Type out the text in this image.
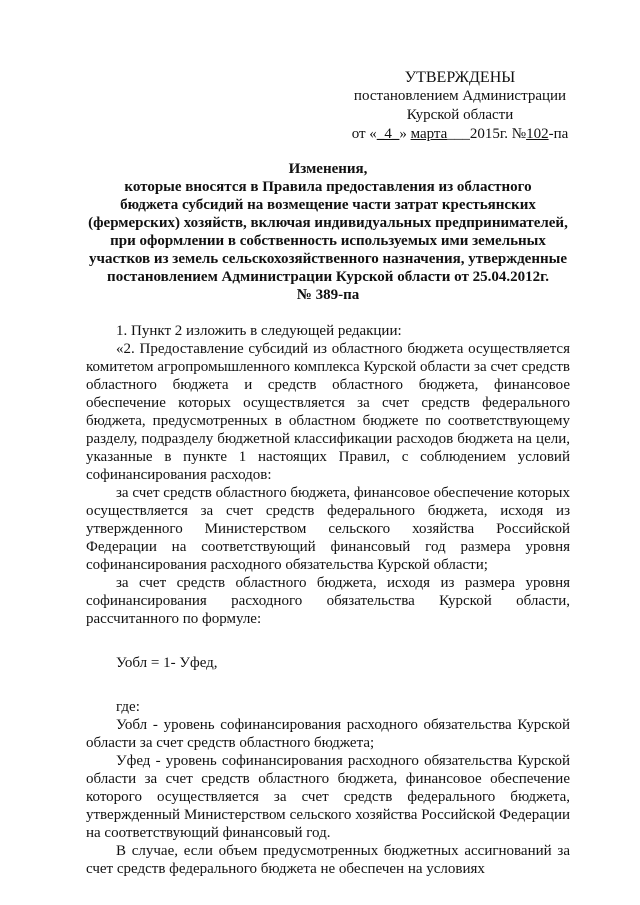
УТВЕРЖДЕНЫ
постановлением Администрации
Курской области
от «_4_» марта___2015г. №102-па
Изменения,
которые вносятся в Правила предоставления из областного
бюджета субсидий на возмещение части затрат крестьянских
(фермерских) хозяйств, включая индивидуальных предпринимателей,
при оформлении в собственность используемых ими земельных
участков из земель сельскохозяйственного назначения, утвержденные
постановлением Администрации Курской области от 25.04.2012г.
№ 389-па

1. Пункт 2 изложить в следующей редакции:

«2. Предоставление субсидий из областного бюджета осуществляется комитетом агропромышленного комплекса Курской области за счет средств областного бюджета и средств областного бюджета, финансовое обеспечение которых осуществляется за счет средств федерального бюджета, предусмотренных в областном бюджете по соответствующему разделу, подразделу бюджетной классификации расходов бюджета на цели, указанные в пункте 1 настоящих Правил, с соблюдением условий софинансирования расходов:

за счет средств областного бюджета, финансовое обеспечение которых осуществляется за счет средств федерального бюджета, исходя из утвержденного Министерством сельского хозяйства Российской Федерации на соответствующий финансовый год размера уровня софинансирования расходного обязательства Курской области;

за счет средств областного бюджета, исходя из размера уровня софинансирования расходного обязательства Курской области, рассчитанного по формуле:

Уобл = 1- Уфед,

где:

Уобл - уровень софинансирования расходного обязательства Курской области за счет средств областного бюджета;

Уфед - уровень софинансирования расходного обязательства Курской области за счет средств областного бюджета, финансовое обеспечение которого осуществляется за счет средств федерального бюджета, утвержденный Министерством сельского хозяйства Российской Федерации на соответствующий финансовый год.

В случае, если объем предусмотренных бюджетных ассигнований за счет средств федерального бюджета не обеспечен на условиях
